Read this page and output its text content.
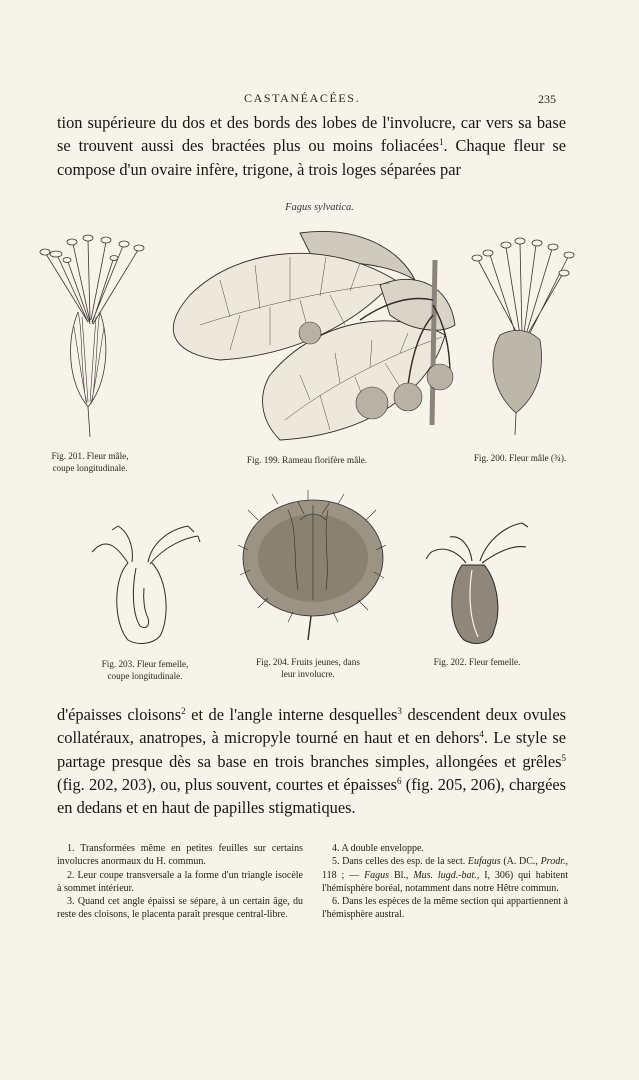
CASTANÉACÉES.	235

tion supérieure du dos et des bords des lobes de l'involucre, car vers sa base se trouvent aussi des bractées plus ou moins foliacées$^1$. Chaque fleur se compose d'un ovaire infère, trigone, à trois loges séparées par

Fagus sylvatica.
Fig. 201. Fleur mâle,
coupe longitudinale.
Fig. 199. Rameau florifère mâle.	Fig. 200. Fleur mâle (¾).
Fig. 203. Fleur femelle,
coupe longitudinale.
Fig. 204. Fruits jeunes, dans
leur involucre.
Fig. 202. Fleur femelle.

d'épaisses cloisons$^2$ et de l'angle interne desquelles$^3$ descendent deux ovules collatéraux, anatropes, à micropyle tourné en haut et en dehors$^4$. Le style se partage presque dès sa base en trois branches simples, allongées et grêles$^5$ (fig. 202, 203), ou, plus souvent, courtes et épaisses$^6$ (fig. 205, 206), chargées en dedans et en haut de papilles stigmatiques.

1. Transformées même en petites feuilles sur certains involucres anormaux du H. commun.

2. Leur coupe transversale a la forme d'un triangle isocèle à sommet intérieur.

3. Quand cet angle épaissi se sépare, à un certain âge, du reste des cloisons, le placenta paraît presque central-libre.

4. A double enveloppe.

5. Dans celles des esp. de la sect. Eufagus (A. DC., Prodr., 118 ; — Fagus Bl., Mus. lugd.-bat., I, 306) qui habitent l'hémisphère boréal, notamment dans notre Hêtre commun.

6. Dans les espèces de la même section qui appartiennent à l'hémisphère austral.
